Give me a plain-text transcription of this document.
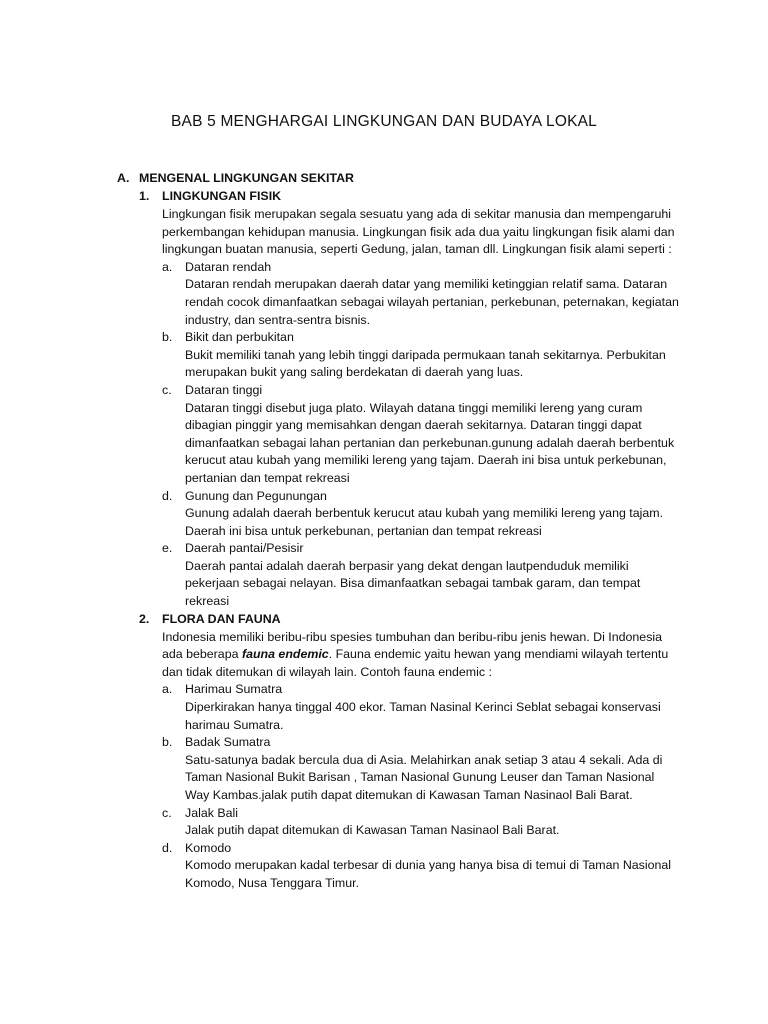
BAB 5 MENGHARGAI LINGKUNGAN DAN BUDAYA LOKAL
A. MENGENAL LINGKUNGAN SEKITAR
1. LINGKUNGAN FISIK

Lingkungan fisik merupakan segala sesuatu yang ada di sekitar manusia dan mempengaruhi perkembangan kehidupan manusia. Lingkungan fisik ada dua yaitu lingkungan fisik alami dan lingkungan buatan manusia, seperti Gedung, jalan, taman dll. Lingkungan fisik alami seperti :

a. Dataran rendah

Dataran rendah merupakan daerah datar yang memiliki ketinggian relatif sama. Dataran rendah cocok dimanfaatkan sebagai wilayah pertanian, perkebunan, peternakan, kegiatan industry, dan sentra-sentra bisnis.

b. Bikit dan perbukitan

Bukit memiliki tanah yang lebih tinggi daripada permukaan tanah sekitarnya. Perbukitan merupakan bukit yang saling berdekatan di daerah yang luas.

c. Dataran tinggi

Dataran tinggi disebut juga plato. Wilayah datana tinggi memiliki lereng yang curam dibagian pinggir yang memisahkan dengan daerah sekitarnya. Dataran tinggi dapat dimanfaatkan sebagai lahan pertanian dan perkebunan.gunung adalah daerah berbentuk kerucut atau kubah yang memiliki lereng yang tajam. Daerah ini bisa untuk perkebunan, pertanian dan tempat rekreasi

d. Gunung dan Pegunungan

Gunung adalah daerah berbentuk kerucut atau kubah yang memiliki lereng yang tajam. Daerah ini bisa untuk perkebunan, pertanian dan tempat rekreasi

e. Daerah pantai/Pesisir

Daerah pantai adalah daerah berpasir yang dekat dengan lautpenduduk memiliki pekerjaan sebagai nelayan. Bisa dimanfaatkan sebagai tambak garam, dan tempat rekreasi

2. FLORA DAN FAUNA

Indonesia memiliki beribu-ribu spesies tumbuhan dan beribu-ribu jenis hewan. Di Indonesia ada beberapa fauna endemic. Fauna endemic yaitu hewan yang mendiami wilayah tertentu dan tidak ditemukan di wilayah lain. Contoh fauna endemic :

a. Harimau Sumatra

Diperkirakan hanya tinggal 400 ekor. Taman Nasinal Kerinci Seblat sebagai konservasi harimau Sumatra.

b. Badak Sumatra

Satu-satunya badak bercula dua di Asia. Melahirkan anak setiap 3 atau 4 sekali. Ada di Taman Nasional Bukit Barisan , Taman Nasional Gunung Leuser dan Taman Nasional Way Kambas.jalak putih dapat ditemukan di Kawasan Taman Nasinaol Bali Barat.

c. Jalak Bali

Jalak putih dapat ditemukan di Kawasan Taman Nasinaol Bali Barat.

d. Komodo

Komodo merupakan kadal terbesar di dunia yang hanya bisa di temui di Taman Nasional Komodo, Nusa Tenggara Timur.
